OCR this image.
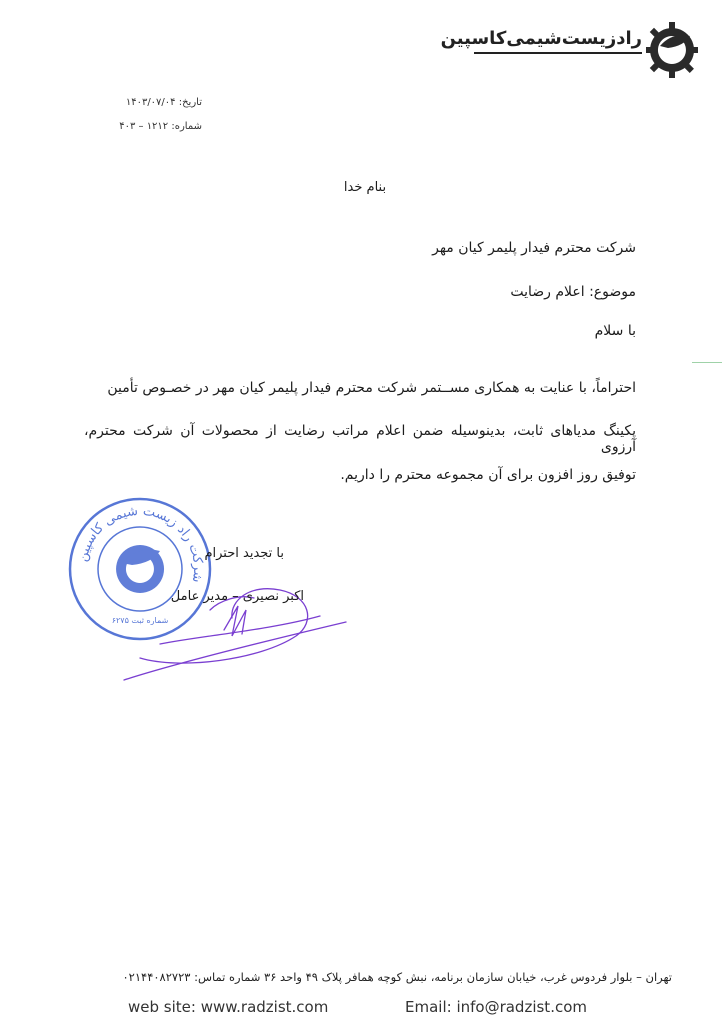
رادزیست‌شیمی‌کاسپین
تاریخ: ۱۴۰۳/۰۷/۰۴
شماره: ۱۲۱۲ – ۴۰۳
بنام خدا
شرکت محترم فیدار پلیمر کیان مهر
موضوع: اعلام رضایت
با سلام
احتراماً، با عنایت به همکاری مســتمر شرکت محترم فیدار پلیمر کیان مهر در خصـوص تأمین
پکینگ مدیاهای ثابت، بدینوسیله ضمن اعلام مراتب رضایت از محصولات آن شرکت محترم، آرزوی
توفیق روز افزون برای آن مجموعه محترم را داریم.
شرکت راد زیست شیمی کاسپین
شماره ثبت ۶۲۷۵
با تجدید احترام
اکبر نصیری – مدیر عامل
تهران – بلوار فردوس غرب، خیابان سازمان برنامه، نبش کوچه همافر پلاک ۴۹ واحد ۳۶ شماره تماس: ۰۲۱۴۴۰۸۲۷۲۳
web site: www.radzist.com	Email: info@radzist.com
